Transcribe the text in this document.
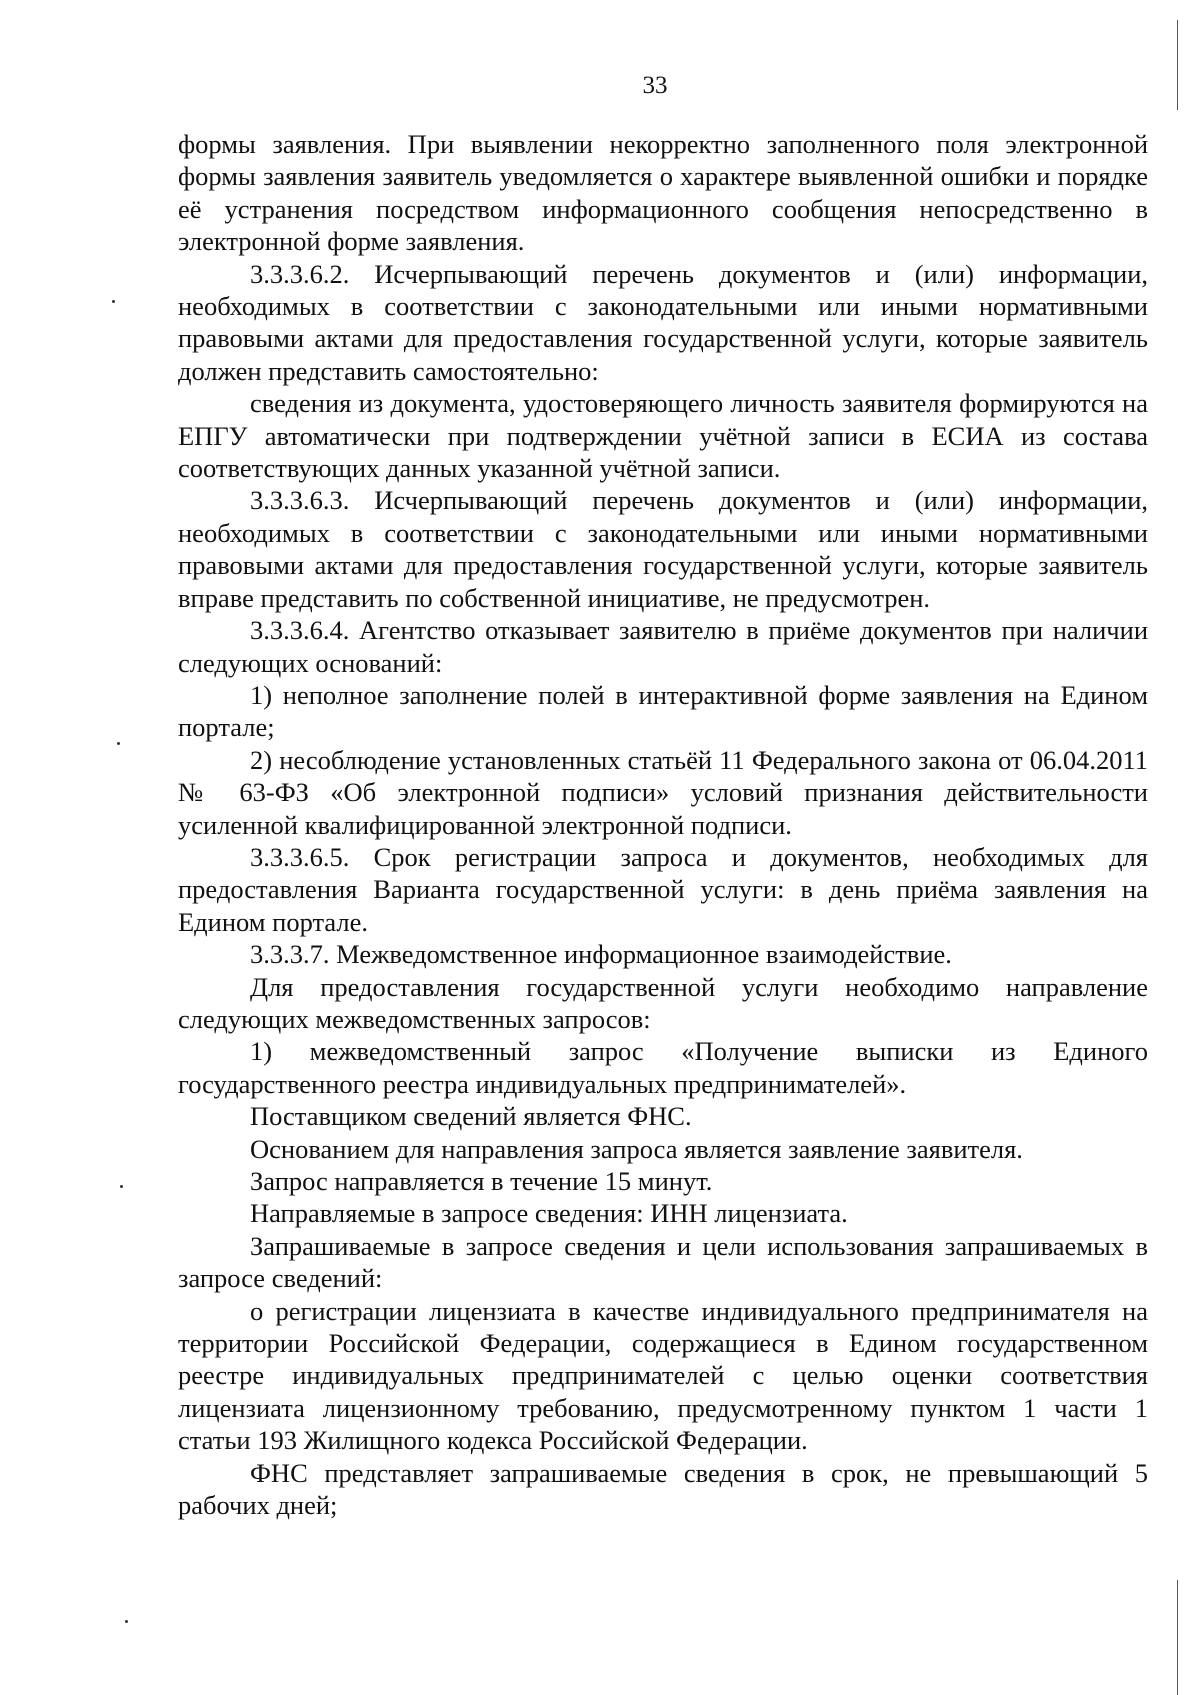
33

формы заявления. При выявлении некорректно заполненного поля электронной формы заявления заявитель уведомляется о характере выявленной ошибки и порядке её устранения посредством информационного сообщения непосредственно в электронной форме заявления.

3.3.3.6.2. Исчерпывающий перечень документов и (или) информации, необходимых в соответствии с законодательными или иными нормативными правовыми актами для предоставления государственной услуги, которые заявитель должен представить самостоятельно:

сведения из документа, удостоверяющего личность заявителя формируются на ЕПГУ автоматически при подтверждении учётной записи в ЕСИА из состава соответствующих данных указанной учётной записи.

3.3.3.6.3. Исчерпывающий перечень документов и (или) информации, необходимых в соответствии с законодательными или иными нормативными правовыми актами для предоставления государственной услуги, которые заявитель вправе представить по собственной инициативе, не предусмотрен.

3.3.3.6.4. Агентство отказывает заявителю в приёме документов при наличии следующих оснований:

1) неполное заполнение полей в интерактивной форме заявления на Едином портале;

2) несоблюдение установленных статьёй 11 Федерального закона от 06.04.2011 № 63-ФЗ «Об электронной подписи» условий признания действительности усиленной квалифицированной электронной подписи.

3.3.3.6.5. Срок регистрации запроса и документов, необходимых для предоставления Варианта государственной услуги: в день приёма заявления на Едином портале.

3.3.3.7. Межведомственное информационное взаимодействие.

Для предоставления государственной услуги необходимо направление следующих межведомственных запросов:

1) межведомственный запрос «Получение выписки из Единого государственного реестра индивидуальных предпринимателей».

Поставщиком сведений является ФНС.

Основанием для направления запроса является заявление заявителя.

Запрос направляется в течение 15 минут.

Направляемые в запросе сведения: ИНН лицензиата.

Запрашиваемые в запросе сведения и цели использования запрашиваемых в запросе сведений:

о регистрации лицензиата в качестве индивидуального предпринимателя на территории Российской Федерации, содержащиеся в Едином государственном реестре индивидуальных предпринимателей с целью оценки соответствия лицензиата лицензионному требованию, предусмотренному пунктом 1 части 1 статьи 193 Жилищного кодекса Российской Федерации.

ФНС представляет запрашиваемые сведения в срок, не превышающий 5 рабочих дней;
